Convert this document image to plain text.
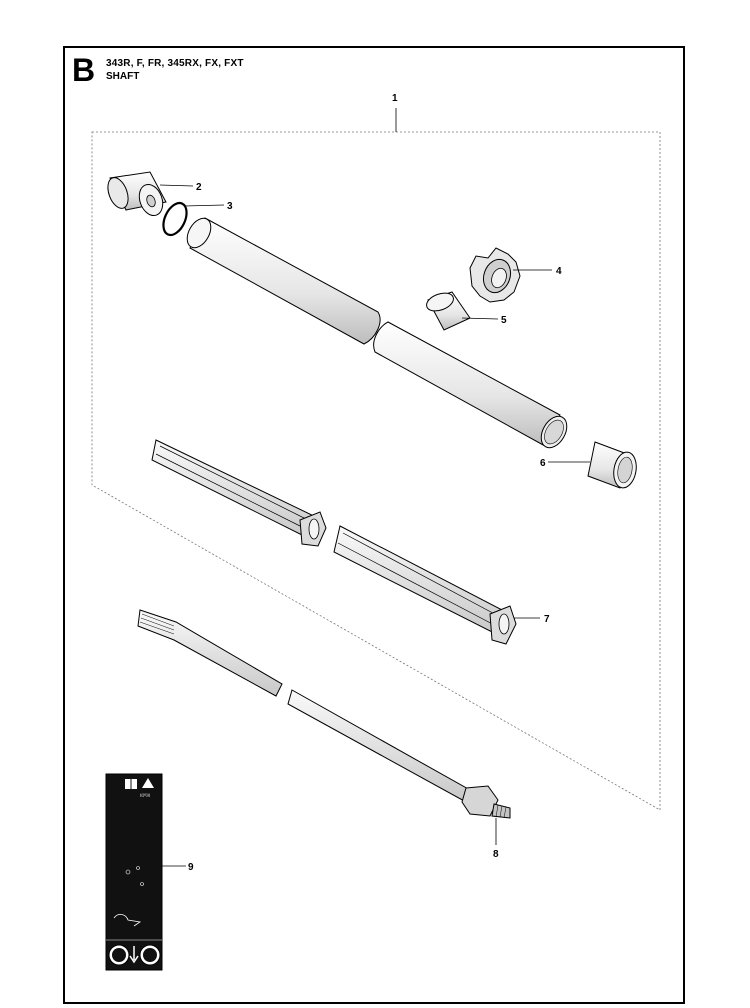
B 343R, F, FR, 345RX, FX, FXT
SHAFT
(((\\)))
1
2
3
4
5
6
7
8
9
